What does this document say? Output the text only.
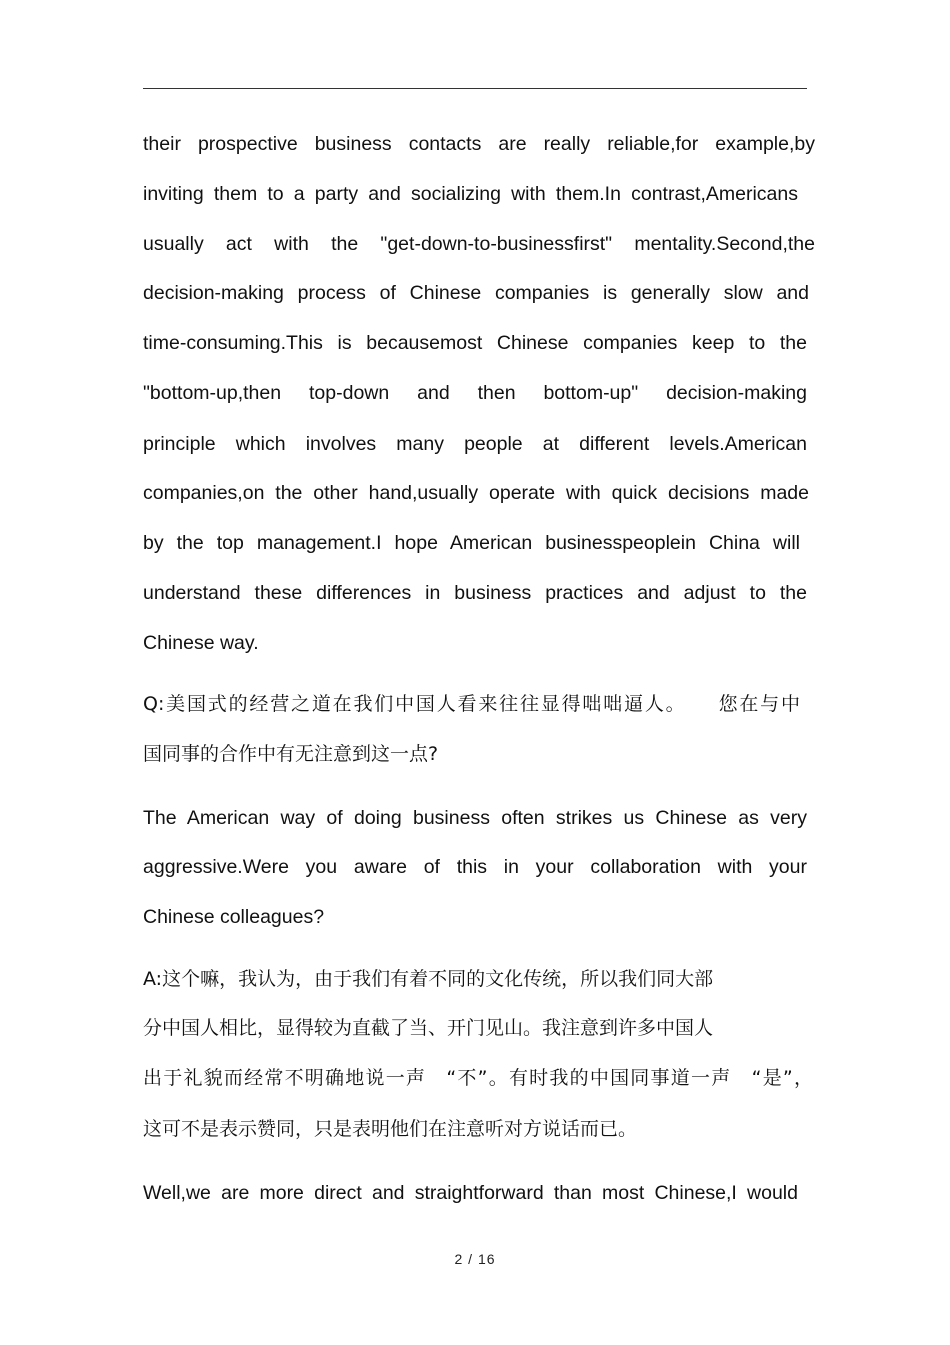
their prospective business contacts are really reliable,for example,by
inviting them to a party and socializing with them.In contrast,Americans
usually act with the "get-down-to-businessfirst" mentality.Second,the
decision-making process of Chinese companies is generally slow and
time-consuming.This is becausemost Chinese companies keep to the
"bottom-up,then top-down and then bottom-up" decision-making
principle which involves many people at different levels.American
companies,on the other hand,usually operate with quick decisions made
by the top management.I hope American businesspeoplein China will
understand these differences in business practices and adjust to the
Chinese way.
Q:美国式的经营之道在我们中国人看来往往显得咄咄逼人。　　您在与中
国同事的合作中有无注意到这一点?
The American way of doing business often strikes us Chinese as very
aggressive.Were you aware of this in your collaboration with your
Chinese colleagues?
A:这个嘛，我认为，由于我们有着不同的文化传统，所以我们同大部
分中国人相比，显得较为直截了当、开门见山。我注意到许多中国人
出于礼貌而经常不明确地说一声　“不”。有时我的中国同事道一声　“是”，
这可不是表示赞同，只是表明他们在注意听对方说话而已。
Well,we are more direct and straightforward than most Chinese,I would
2 / 16
